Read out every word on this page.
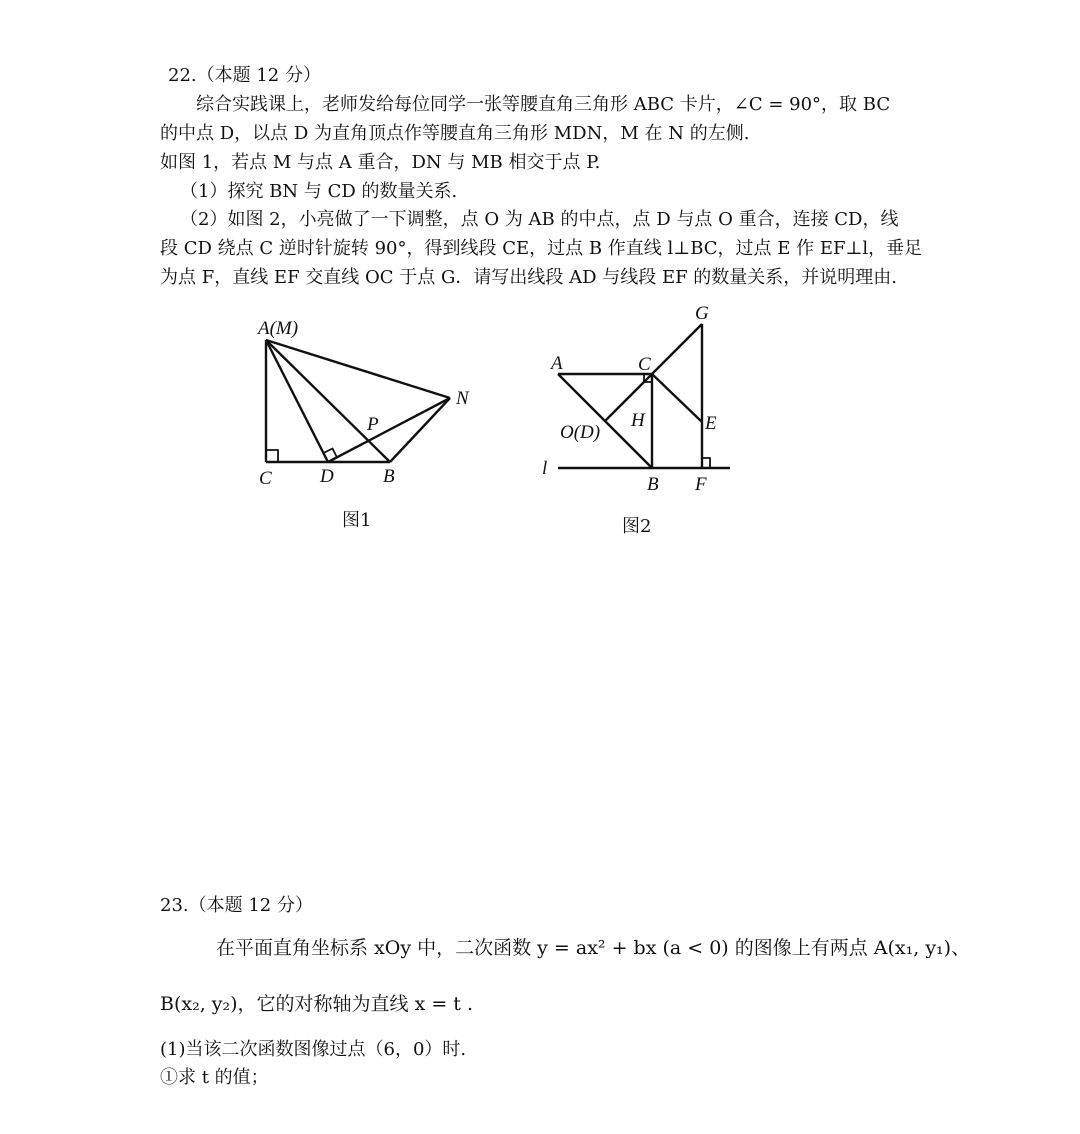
22.（本题 12 分）
综合实践课上，老师发给每位同学一张等腰直角三角形 ABC 卡片，∠C = 90°，取 BC
的中点 D，以点 D 为直角顶点作等腰直角三角形 MDN，M 在 N 的左侧.
如图 1，若点 M 与点 A 重合，DN 与 MB 相交于点 P.
（1）探究 BN 与 CD 的数量关系.
（2）如图 2，小亮做了一下调整，点 O 为 AB 的中点，点 D 与点 O 重合，连接 CD，线
段 CD 绕点 C 逆时针旋转 90°，得到线段 CE，过点 B 作直线 l⊥BC，过点 E 作 EF⊥l，垂足
为点 F，直线 EF 交直线 OC 于点 G．请写出线段 AD 与线段 EF 的数量关系，并说明理由.
A(M)
N
P
C	D	B
图1
G
A	C
H	E
O(D)
l
B F
图2
23.（本题 12 分）
在平面直角坐标系 xOy 中，二次函数 y = ax² + bx (a < 0) 的图像上有两点 A(x₁, y₁)、
B(x₂, y₂)，它的对称轴为直线 x = t .
(1)当该二次函数图像过点（6，0）时.
①求 t 的值；
